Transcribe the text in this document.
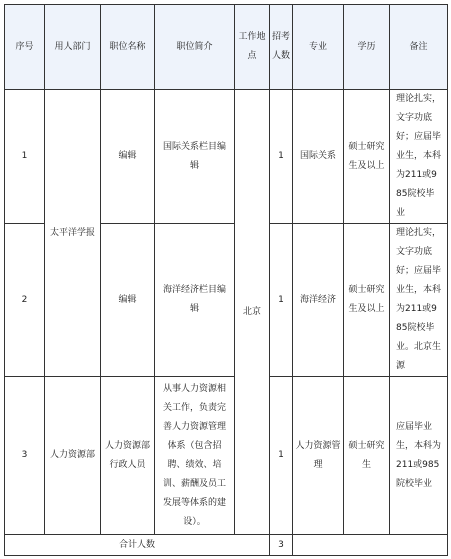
序号	用人部门	职位名称	职位简介	工作地点	招考人数	专业	学历	备注
1	太平洋学报	编辑	国际关系栏目编辑	北京	1	国际关系	硕士研究生及以上	理论扎实，文字功底好；应届毕业生，本科为211或985院校毕业
2		编辑	海洋经济栏目编辑		1	海洋经济	硕士研究生及以上	理论扎实，文字功底好；应届毕业生，本科为211或985院校毕业。北京生源
3	人力资源部	人力资源部行政人员	从事人力资源相关工作，负责完善人力资源管理体系（包含招聘、绩效、培训、薪酬及员工发展等体系的建设）。		1	人力资源管理	硕士研究生	应届毕业生，本科为211或985院校毕业
合计人数					3			
